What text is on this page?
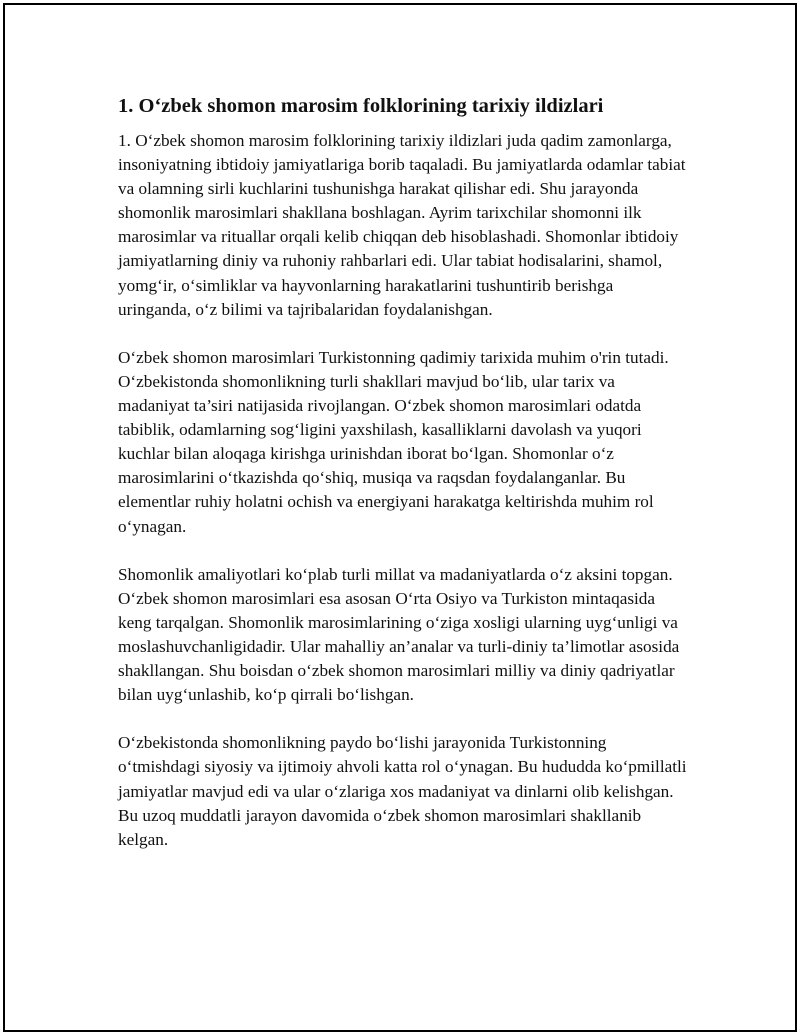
1. O‘zbek shomon marosim folklorining tarixiy ildizlari

1. O‘zbek shomon marosim folklorining tarixiy ildizlari juda qadim zamonlarga, insoniyatning ibtidoiy jamiyatlariga borib taqaladi. Bu jamiyatlarda odamlar tabiat va olamning sirli kuchlarini tushunishga harakat qilishar edi. Shu jarayonda shomonlik marosimlari shakllana boshlagan. Ayrim tarixchilar shomonni ilk marosimlar va rituallar orqali kelib chiqqan deb hisoblashadi. Shomonlar ibtidoiy jamiyatlarning diniy va ruhoniy rahbarlari edi. Ular tabiat hodisalarini, shamol, yomg‘ir, o‘simliklar va hayvonlarning harakatlarini tushuntirib berishga uringanda, o‘z bilimi va tajribalaridan foydalanishgan.

O‘zbek shomon marosimlari Turkistonning qadimiy tarixida muhim o'rin tutadi. O‘zbekistonda shomonlikning turli shakllari mavjud bo‘lib, ular tarix va madaniyat ta’siri natijasida rivojlangan. O‘zbek shomon marosimlari odatda tabiblik, odamlarning sog‘ligini yaxshilash, kasalliklarni davolash va yuqori kuchlar bilan aloqaga kirishga urinishdan iborat bo‘lgan. Shomonlar o‘z marosimlarini o‘tkazishda qo‘shiq, musiqa va raqsdan foydalanganlar. Bu elementlar ruhiy holatni ochish va energiyani harakatga keltirishda muhim rol o‘ynagan.

Shomonlik amaliyotlari ko‘plab turli millat va madaniyatlarda o‘z aksini topgan. O‘zbek shomon marosimlari esa asosan O‘rta Osiyo va Turkiston mintaqasida keng tarqalgan. Shomonlik marosimlarining o‘ziga xosligi ularning uyg‘unligi va moslashuvchanligidadir. Ular mahalliy an’analar va turli-diniy ta’limotlar asosida shakllangan. Shu boisdan o‘zbek shomon marosimlari milliy va diniy qadriyatlar bilan uyg‘unlashib, ko‘p qirrali bo‘lishgan.

O‘zbekistonda shomonlikning paydo bo‘lishi jarayonida Turkistonning o‘tmishdagi siyosiy va ijtimoiy ahvoli katta rol o‘ynagan. Bu hududda ko‘pmillatli jamiyatlar mavjud edi va ular o‘zlariga xos madaniyat va dinlarni olib kelishgan. Bu uzoq muddatli jarayon davomida o‘zbek shomon marosimlari shakllanib kelgan.
